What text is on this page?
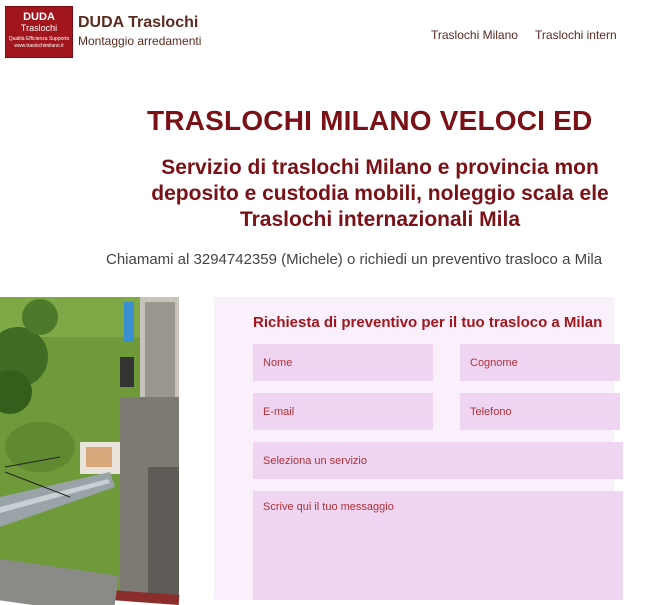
DUDA
Traslochi
Qualità Efficienza Supporto
www.traslochimilano.it
DUDA Traslochi
Montaggio arredamenti	Traslochi Milano Traslochi intern
TRASLOCHI MILANO VELOCI ED
Servizio di traslochi Milano e provincia mon
deposito e custodia mobili, noleggio scala ele
Traslochi internazionali Mila
Chiamami al 3294742359 (Michele) o richiedi un preventivo trasloco a Mila
Richiesta di preventivo per il tuo trasloco a Milan
Nome	Cognome
E-mail	Telefono
Seleziona un servizio
Scrive qui il tuo messaggio
